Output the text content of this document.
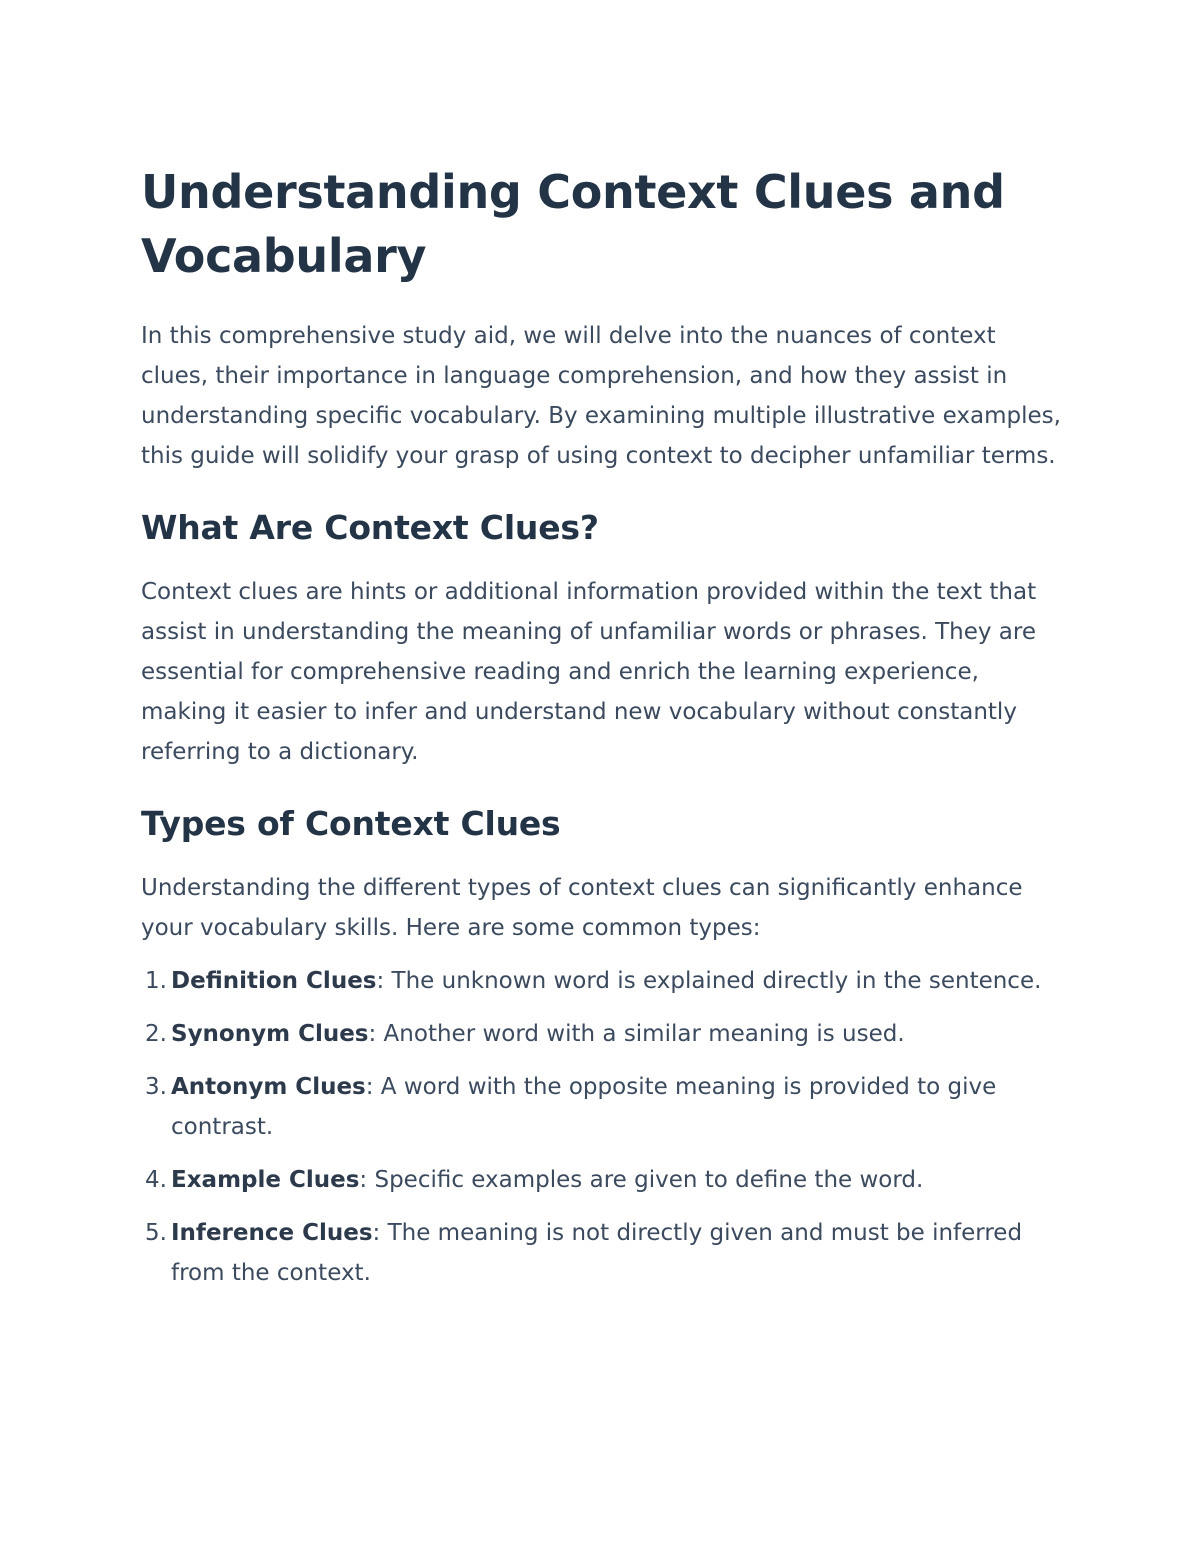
Understanding Context Clues and Vocabulary

In this comprehensive study aid, we will delve into the nuances of context clues, their importance in language comprehension, and how they assist in understanding specific vocabulary. By examining multiple illustrative examples, this guide will solidify your grasp of using context to decipher unfamiliar terms.

What Are Context Clues?

Context clues are hints or additional information provided within the text that assist in understanding the meaning of unfamiliar words or phrases. They are essential for comprehensive reading and enrich the learning experience, making it easier to infer and understand new vocabulary without constantly referring to a dictionary.

Types of Context Clues

Understanding the different types of context clues can significantly enhance your vocabulary skills. Here are some common types:

1. Definition Clues: The unknown word is explained directly in the sentence.
2. Synonym Clues: Another word with a similar meaning is used.
3. Antonym Clues: A word with the opposite meaning is provided to give contrast.
4. Example Clues: Specific examples are given to define the word.
5. Inference Clues: The meaning is not directly given and must be inferred from the context.
